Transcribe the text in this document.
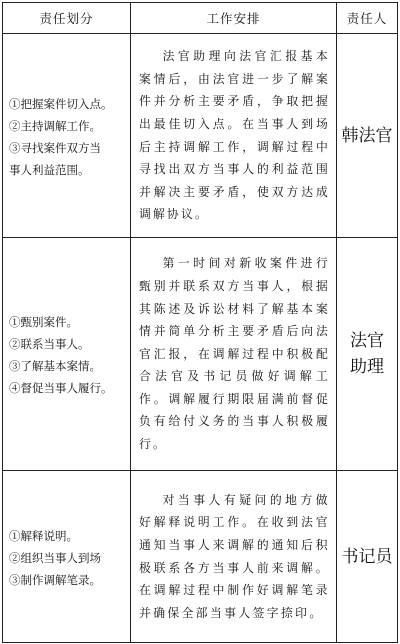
责任划分	工作安排	责任人

①把握案件切入点。
②主持调解工作。
③寻找案件双方当
事人利益范围。	法官助理向法官汇报基本案情后，由法官进一步了解案件并分析主要矛盾，争取把握出最佳切入点。在当事人到场后主持调解工作，调解过程中寻找出双方当事人的利益范围并解决主要矛盾，使双方达成调解协议。	韩法官

①甄别案件。
②联系当事人。
③了解基本案情。
④督促当事人履行。	第一时间对新收案件进行甄别并联系双方当事人，根据其陈述及诉讼材料了解基本案情并简单分析主要矛盾后向法官汇报，在调解过程中积极配合法官及书记员做好调解工作。调解履行期限届满前督促负有给付义务的当事人积极履行。	法官助理

①解释说明。
②组织当事人到场
③制作调解笔录。	对当事人有疑问的地方做好解释说明工作。在收到法官通知当事人来调解的通知后积极联系各方当事人前来调解。在调解过程中制作好调解笔录并确保全部当事人签字捺印。	书记员
